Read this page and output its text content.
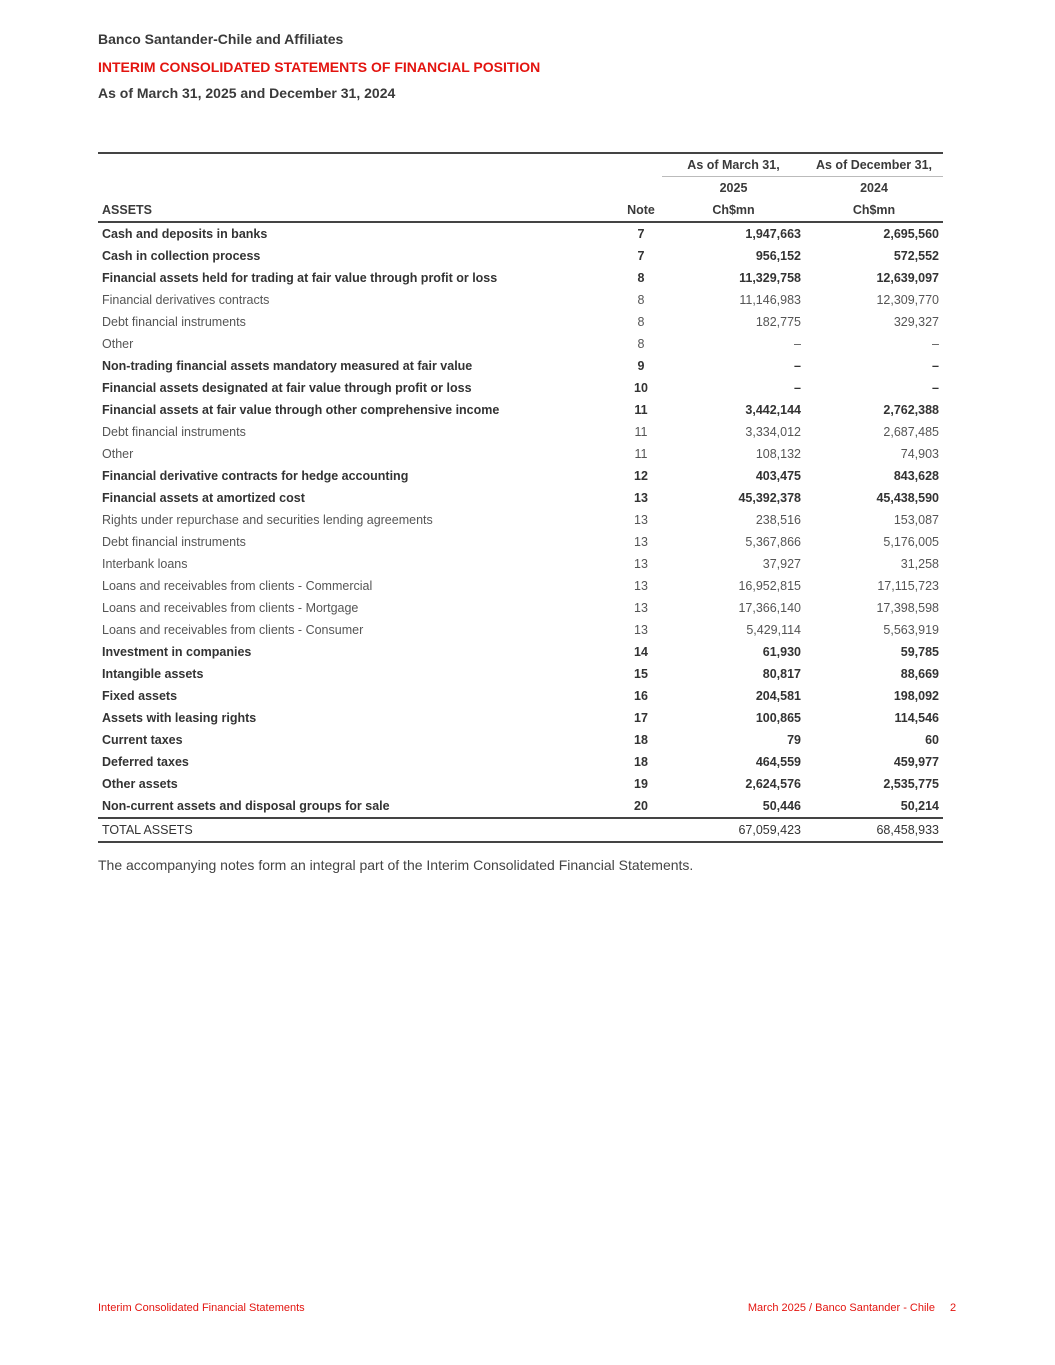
Banco Santander-Chile and Affiliates
INTERIM CONSOLIDATED STATEMENTS OF FINANCIAL POSITION
As of March 31, 2025 and December 31, 2024
		As of March 31,	As of December 31,
		2025	2024
ASSETS	Note	Ch$mn	Ch$mn
Cash and deposits in banks	7	1,947,663	2,695,560
Cash in collection process	7	956,152	572,552
Financial assets held for trading at fair value through profit or loss	8	11,329,758	12,639,097
Financial derivatives contracts	8	11,146,983	12,309,770
Debt financial instruments	8	182,775	329,327
Other	8	–	–
Non-trading financial assets mandatory measured at fair value	9	–	–
Financial assets designated at fair value through profit or loss	10	–	–
Financial assets at fair value through other comprehensive income	11	3,442,144	2,762,388
Debt financial instruments	11	3,334,012	2,687,485
Other	11	108,132	74,903
Financial derivative contracts for hedge accounting	12	403,475	843,628
Financial assets at amortized cost	13	45,392,378	45,438,590
Rights under repurchase and securities lending agreements	13	238,516	153,087
Debt financial instruments	13	5,367,866	5,176,005
Interbank loans	13	37,927	31,258
Loans and receivables from clients - Commercial	13	16,952,815	17,115,723
Loans and receivables from clients - Mortgage	13	17,366,140	17,398,598
Loans and receivables from clients - Consumer	13	5,429,114	5,563,919
Investment in companies	14	61,930	59,785
Intangible assets	15	80,817	88,669
Fixed assets	16	204,581	198,092
Assets with leasing rights	17	100,865	114,546
Current taxes	18	79	60
Deferred taxes	18	464,559	459,977
Other assets	19	2,624,576	2,535,775
Non-current assets and disposal groups for sale	20	50,446	50,214
TOTAL ASSETS		67,059,423	68,458,933
The accompanying notes form an integral part of the Interim Consolidated Financial Statements.
Interim Consolidated Financial Statements	March 2025 / Banco Santander - Chile 2
